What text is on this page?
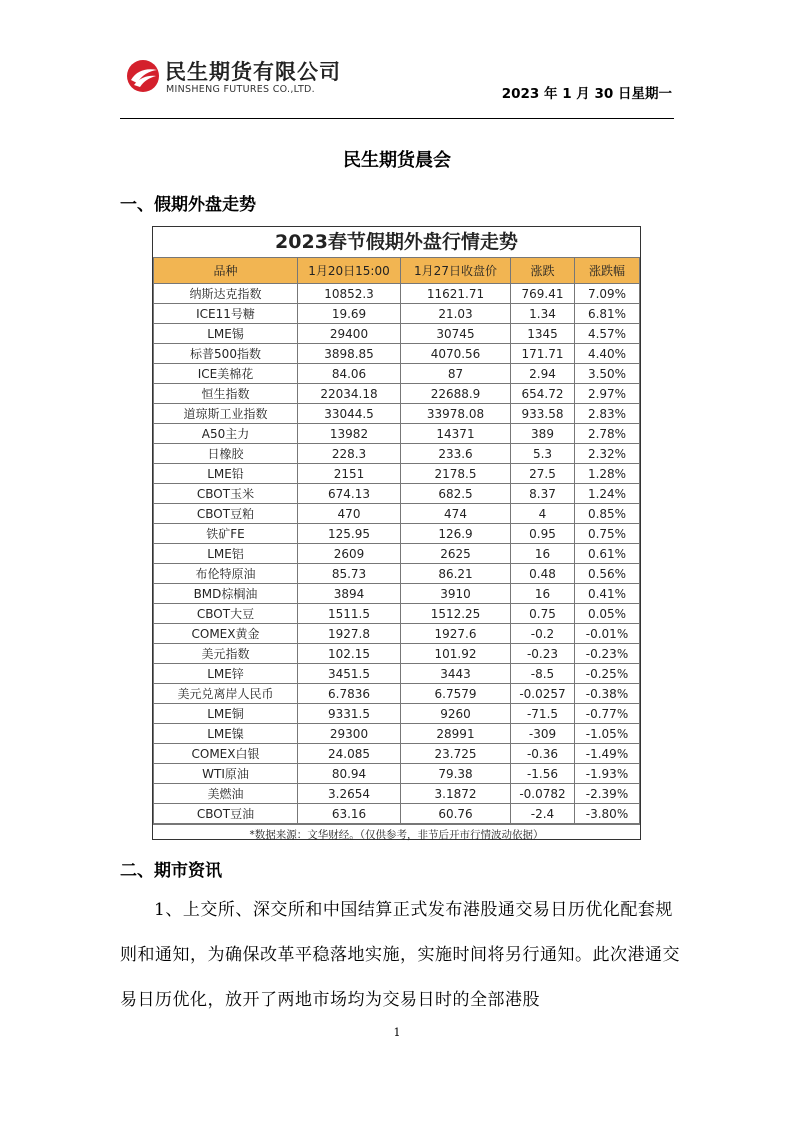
民生期货有限公司
MINSHENG FUTURES CO.,LTD.	2023 年 1 月 30 日星期一
民生期货晨会
一、假期外盘走势
2023春节假期外盘行情走势
品种	1月20日15:00	1月27日收盘价	涨跌	涨跌幅
纳斯达克指数	10852.3	11621.71	769.41	7.09%
ICE11号糖	19.69	21.03	1.34	6.81%
LME锡	29400	30745	1345	4.57%
标普500指数	3898.85	4070.56	171.71	4.40%
ICE美棉花	84.06	87	2.94	3.50%
恒生指数	22034.18	22688.9	654.72	2.97%
道琼斯工业指数	33044.5	33978.08	933.58	2.83%
A50主力	13982	14371	389	2.78%
日橡胶	228.3	233.6	5.3	2.32%
LME铅	2151	2178.5	27.5	1.28%
CBOT玉米	674.13	682.5	8.37	1.24%
CBOT豆粕	470	474	4	0.85%
铁矿FE	125.95	126.9	0.95	0.75%
LME铝	2609	2625	16	0.61%
布伦特原油	85.73	86.21	0.48	0.56%
BMD棕榈油	3894	3910	16	0.41%
CBOT大豆	1511.5	1512.25	0.75	0.05%
COMEX黄金	1927.8	1927.6	-0.2	-0.01%
美元指数	102.15	101.92	-0.23	-0.23%
LME锌	3451.5	3443	-8.5	-0.25%
美元兑离岸人民币	6.7836	6.7579	-0.0257	-0.38%
LME铜	9331.5	9260	-71.5	-0.77%
LME镍	29300	28991	-309	-1.05%
COMEX白银	24.085	23.725	-0.36	-1.49%
WTI原油	80.94	79.38	-1.56	-1.93%
美燃油	3.2654	3.1872	-0.0782	-2.39%
CBOT豆油	63.16	60.76	-2.4	-3.80%
*数据来源：文华财经。（仅供参考，非节后开市行情波动依据）
二、期市资讯
1、上交所、深交所和中国结算正式发布港股通交易日历优化配套规则和通知，为确保改革平稳落地实施，实施时间将另行通知。此次港通交易日历优化，放开了两地市场均为交易日时的全部港股
1
